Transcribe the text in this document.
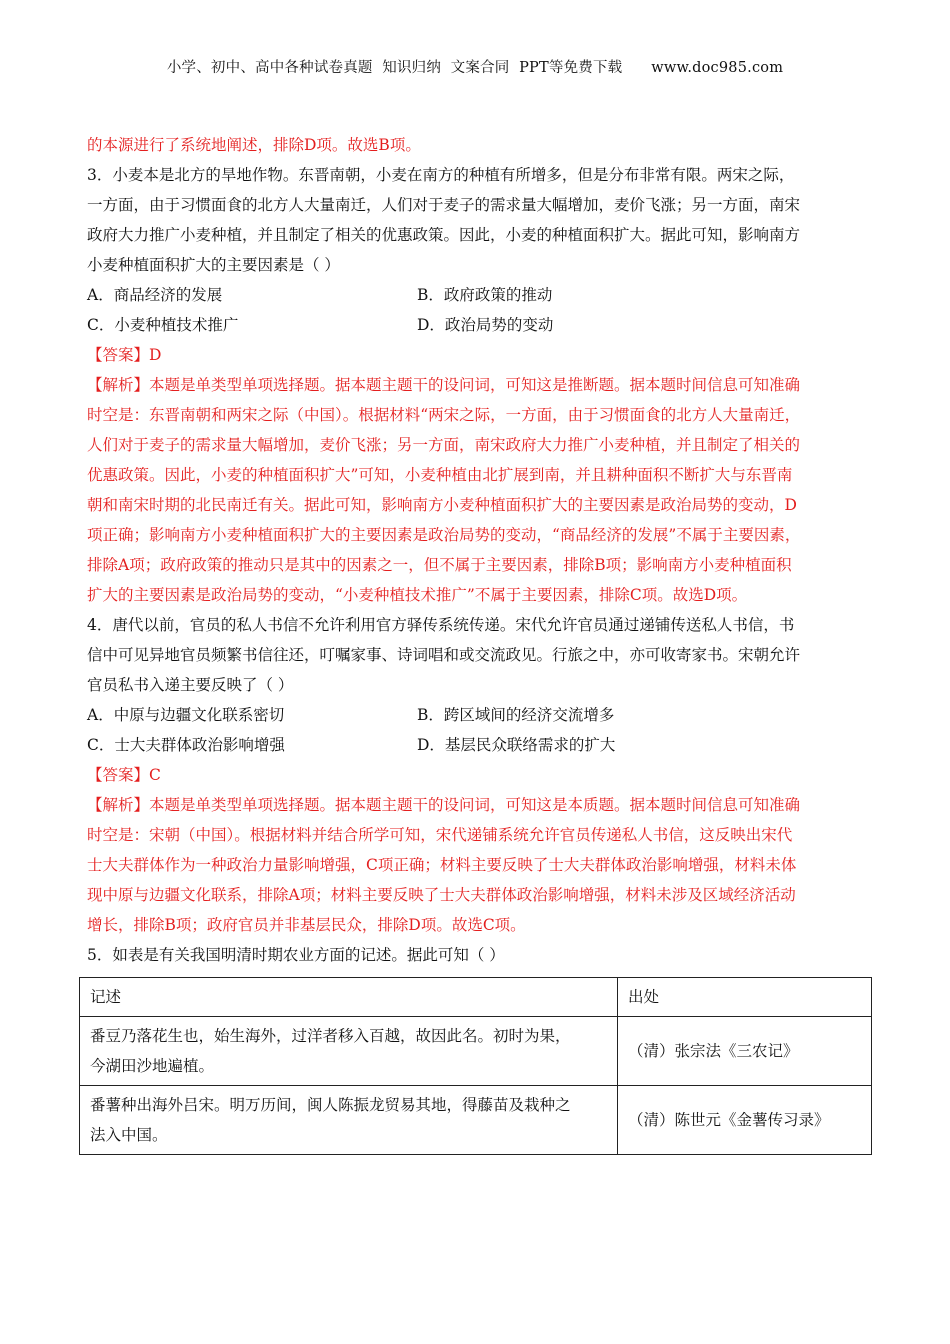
小学、初中、高中各种试卷真题  知识归纳  文案合同  PPT等免费下载      www.doc985.com

的本源进行了系统地阐述，排除D项。故选B项。

3．小麦本是北方的旱地作物。东晋南朝，小麦在南方的种植有所增多，但是分布非常有限。两宋之际，

一方面，由于习惯面食的北方人大量南迁，人们对于麦子的需求量大幅增加，麦价飞涨；另一方面，南宋

政府大力推广小麦种植，并且制定了相关的优惠政策。因此，小麦的种植面积扩大。据此可知，影响南方

小麦种植面积扩大的主要因素是（ ）

A．商品经济的发展	B．政府政策的推动
C．小麦种植技术推广	D．政治局势的变动

【答案】D

【解析】本题是单类型单项选择题。据本题主题干的设问词，可知这是推断题。据本题时间信息可知准确

时空是：东晋南朝和两宋之际（中国）。根据材料“两宋之际，一方面，由于习惯面食的北方人大量南迁，

人们对于麦子的需求量大幅增加，麦价飞涨；另一方面，南宋政府大力推广小麦种植，并且制定了相关的

优惠政策。因此，小麦的种植面积扩大”可知，小麦种植由北扩展到南，并且耕种面积不断扩大与东晋南

朝和南宋时期的北民南迁有关。据此可知，影响南方小麦种植面积扩大的主要因素是政治局势的变动，D

项正确；影响南方小麦种植面积扩大的主要因素是政治局势的变动，“商品经济的发展”不属于主要因素，

排除A项；政府政策的推动只是其中的因素之一，但不属于主要因素，排除B项；影响南方小麦种植面积

扩大的主要因素是政治局势的变动，“小麦种植技术推广”不属于主要因素，排除C项。故选D项。

4．唐代以前，官员的私人书信不允许利用官方驿传系统传递。宋代允许官员通过递铺传送私人书信，书

信中可见异地官员频繁书信往还，叮嘱家事、诗词唱和或交流政见。行旅之中，亦可收寄家书。宋朝允许

官员私书入递主要反映了（ ）

A．中原与边疆文化联系密切	B．跨区域间的经济交流增多
C．士大夫群体政治影响增强	D．基层民众联络需求的扩大

【答案】C

【解析】本题是单类型单项选择题。据本题主题干的设问词，可知这是本质题。据本题时间信息可知准确

时空是：宋朝（中国）。根据材料并结合所学可知，宋代递铺系统允许官员传递私人书信，这反映出宋代

士大夫群体作为一种政治力量影响增强，C项正确；材料主要反映了士大夫群体政治影响增强，材料未体

现中原与边疆文化联系，排除A项；材料主要反映了士大夫群体政治影响增强，材料未涉及区域经济活动

增长，排除B项；政府官员并非基层民众，排除D项。故选C项。

5．如表是有关我国明清时期农业方面的记述。据此可知（ ）

记述	出处
番豆乃落花生也，始生海外，过洋者移入百越，故因此名。初时为果，
今湖田沙地遍植。	（清）张宗法《三农记》
番薯种出海外吕宋。明万历间，闽人陈振龙贸易其地，得藤苗及栽种之
法入中国。	（清）陈世元《金薯传习录》
